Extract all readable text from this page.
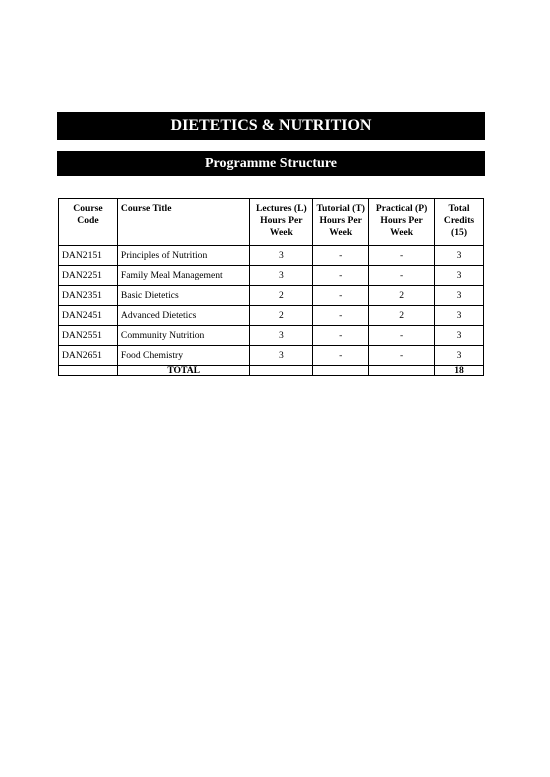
DIETETICS & NUTRITION
Programme Structure
Course Code	Course Title	Lectures (L) Hours Per Week	Tutorial (T) Hours Per Week	Practical (P) Hours Per Week	Total Credits (15)
DAN2151	Principles of Nutrition	3	-	-	3
DAN2251	Family Meal Management	3	-	-	3
DAN2351	Basic Dietetics	2	-	2	3
DAN2451	Advanced Dietetics	2	-	2	3
DAN2551	Community Nutrition	3	-	-	3
DAN2651	Food Chemistry	3	-	-	3
	TOTAL				18
